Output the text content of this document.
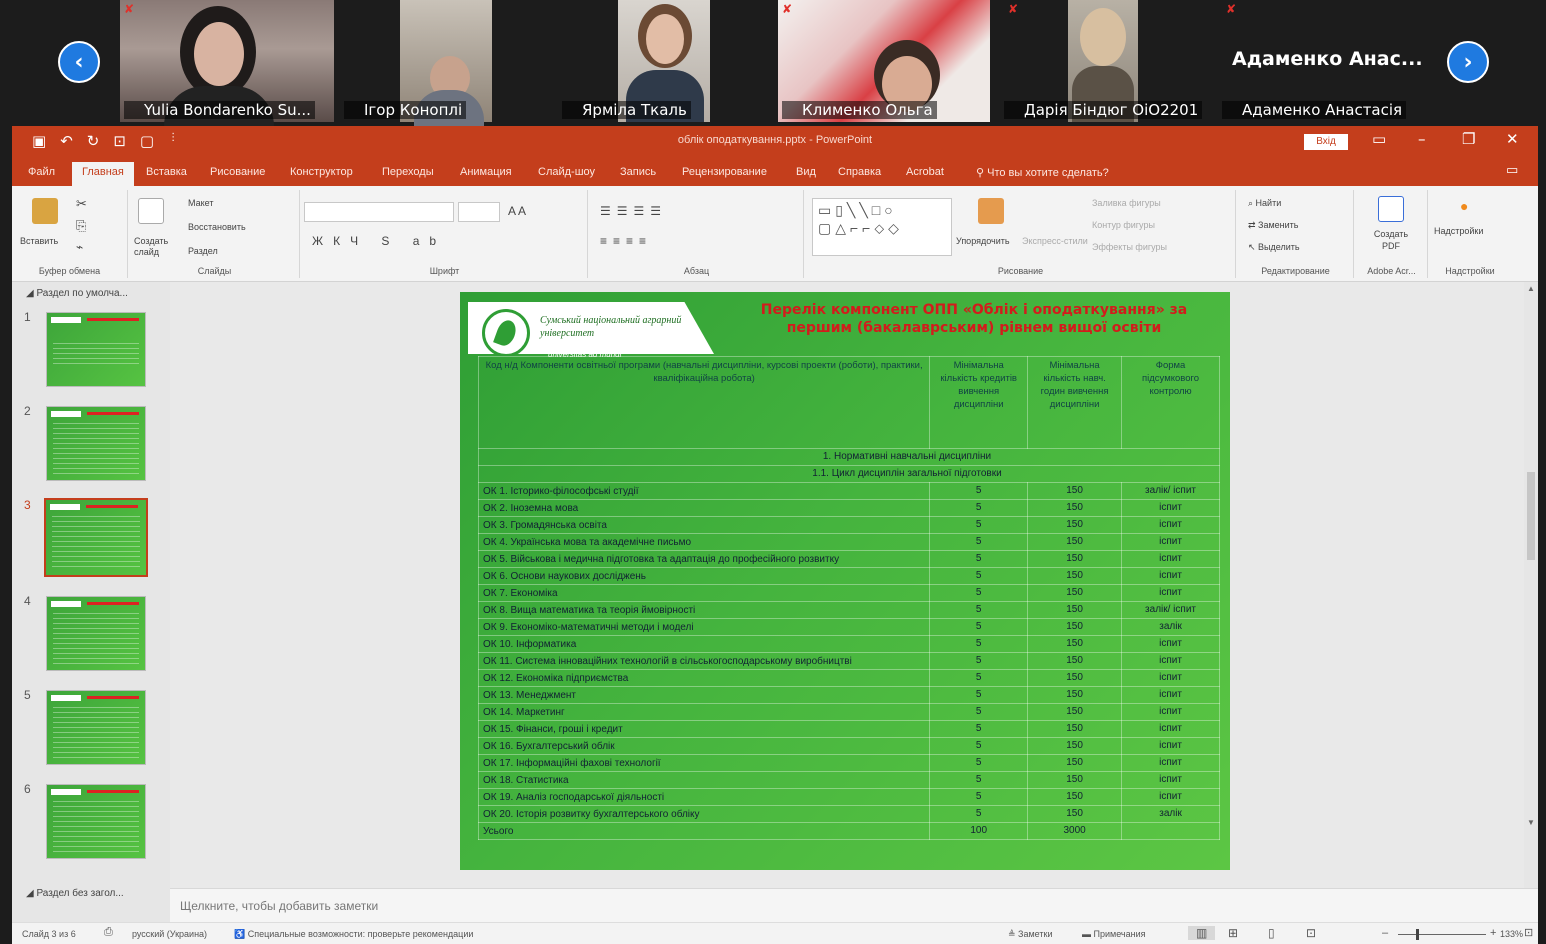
‹
✘
Yulia Bondarenko Su...	Ігор Коноплі	Ярміла Ткаль
✘
Клименко Ольга
✘
Дарія Біндюг ОіО2201
✘
Адаменко Анастасія
Адаменко Анас... ›
▣ ↶ ↻ ⊡ ▢ ⋮	облік оподаткування.pptx - PowerPoint	Вхід	▭ – ❐ ✕
Файл	Главная	Вставка Рисование Конструктор	Переходы Анимация Слайд-шоу Запись Рецензирование	Вид Справка Acrobat	⚲ Что вы хотите сделать?	▭
Вставить
✂
⎘
⌁
Буфер обмена
Создать слайд
Макет
Восстановить
Раздел
Слайды
A A
ЖКЧ S ab
Шрифт
☰☰☰☰
≡≡≡≡
Абзац
▭▯╲╲□○
▢△⌐⌐⬦◇
Упорядочить Экспресс-стили
Заливка фигуры
Контур фигуры
Эффекты фигуры
Рисование
⌕ Найти
⇄ Заменить
↖ Выделить
Редактирование
Создать PDF
Adobe Acr...
●
Надстройки
Надстройки
◢ Раздел по умолча...
1
2
3
4
5
6
Сумський національний аграрний університет
universitas ad mundi
Перелік компонент ОПП «Облік і оподаткування» за першим (бакалаврським) рівнем вищої освіти
Код н/д Компоненти освітньої програми (навчальні дисципліни, курсові проекти (роботи), практики, кваліфікаційна робота)	Мінімальна кількість кредитів вивчення дисципліни	Мінімальна кількість навч. годин вивчення дисципліни	Форма підсумкового контролю
1. Нормативні навчальні дисципліни			
1.1. Цикл дисциплін загальної підготовки			
ОК 1. Історико-філософські студії	5	150	залік/ іспит
ОК 2. Іноземна мова	5	150	іспит
ОК 3. Громадянська освіта	5	150	іспит
ОК 4. Українська мова та академічне письмо	5	150	іспит
ОК 5. Військова і медична підготовка та адаптація до професійного розвитку	5	150	іспит
ОК 6. Основи наукових досліджень	5	150	іспит
ОК 7. Економіка	5	150	іспит
ОК 8. Вища математика та теорія ймовірності	5	150	залік/ іспит
ОК 9. Економіко-математичні методи і моделі	5	150	залік
ОК 10. Інформатика	5	150	іспит
ОК 11. Система інноваційних технологій в сільськогосподарському виробництві	5	150	іспит
ОК 12. Економіка підприємства	5	150	іспит
ОК 13. Менеджмент	5	150	іспит
ОК 14. Маркетинг	5	150	іспит
ОК 15. Фінанси, гроші і кредит	5	150	іспит
ОК 16. Бухгалтерський облік	5	150	іспит
ОК 17. Інформаційні фахові технології	5	150	іспит
ОК 18. Статистика	5	150	іспит
ОК 19. Аналіз господарської діяльності	5	150	іспит
ОК 20. Історія розвитку бухгалтерського обліку	5	150	залік
Усього	100	3000	
▲
▼
◢ Раздел без загол...
Щелкните, чтобы добавить заметки
Слайд 3 из 6	⎙ русский (Украина)	♿ Специальные возможности: проверьте рекомендации	≜ Заметки	▬ Примечания	▥	⊞ ▯	⊡	–	+ 133% ⊡
